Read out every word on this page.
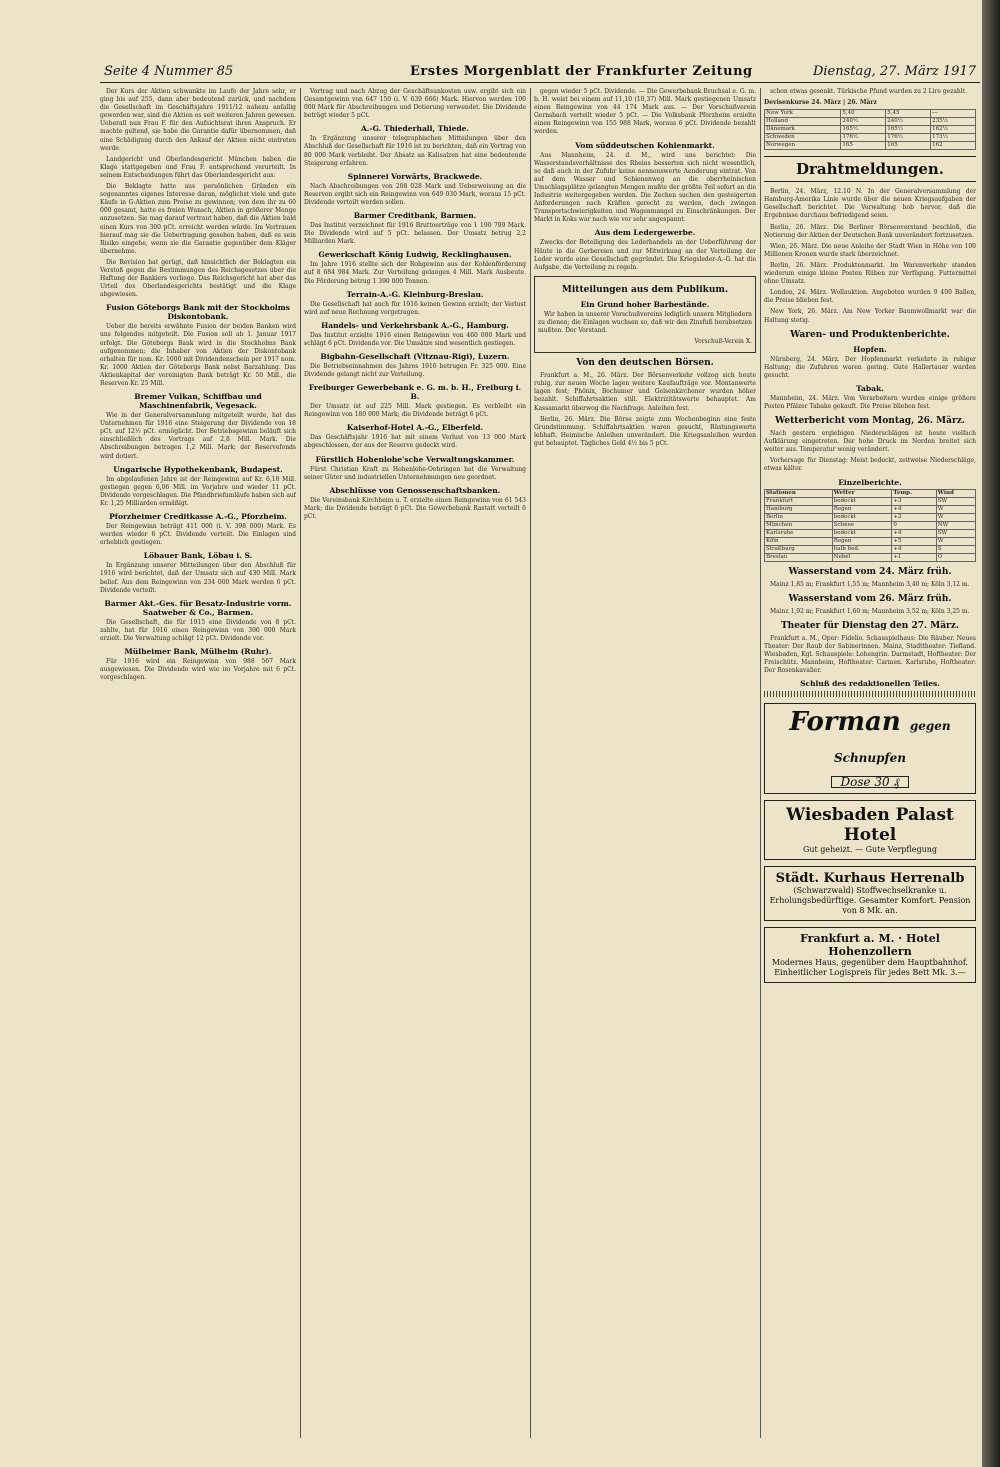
Seite 4 Nummer 85	Erstes Morgenblatt der Frankfurter Zeitung	Dienstag, 27. März 1917

Der Kurs der Aktien schwankte im Laufe der Jahre sehr, er ging bis auf 255, dann aber bedeutend zurück, und nachdem die Gesellschaft im Geschäftsjahre 1911/12 nahezu anfallig geworden war, sind die Aktien es seit weiteren Jahren gewesen. Ueberall nun Frau F. für den Aufsichtsrat ihren Anspruch. Er machte geltend, sie habe die Garantie dafür übernommen, daß eine Schädigung durch den Ankauf der Aktien nicht eintreten werde.

Landgericht und Oberlandesgericht München haben die Klage stattgegeben und Frau F. entsprechend verurteilt. In seinem Entscheidungen führt das Oberlandesgericht aus:

Die Beklagte hatte aus persönlichen Gründen ein sogenanntes eigenes Interesse daran, möglichst viele und gute Käufe in G-Aktien zum Preise zu gewinnen; von dem ihr zu 60 000 gesamt, hatte es freien Wunsch, Aktien in größerer Menge anzusetzen. Sie mag darauf vertraut haben, daß die Aktien bald einen Kurs von 300 pCt. erreicht werden würde. Im Vertrauen hierauf mag sie die Uebertragung gesehen haben, daß es sein Risiko eingehe, wenn sie die Garantie gegenüber dem Kläger übernehme.

Die Revision hat gerügt, daß hinsichtlich der Beklagten ein Verstoß gegen die Bestimmungen des Reichsgesetzes über die Haftung der Bankiers vorliege. Das Reichsgericht hat aber das Urteil des Oberlandesgerichts bestätigt und die Klage abgewiesen.

Fusion Göteborgs Bank mit der Stockholms Diskontobank.

Ueber die bereits erwähnte Fusion der beiden Banken wird uns folgendes mitgeteilt. Die Fusion soll ab 1. Januar 1917 erfolgt. Die Göteborgs Bank wird in die Stockholms Bank aufgenommen; die Inhaber von Aktien der Diskontobank erhalten für nom. Kr. 1000 mit Dividendenschein per 1917 nom. Kr. 1000 Aktien der Göteborgs Bank nebst Barzahlung. Das Aktienkapital der vereinigten Bank beträgt Kr. 50 Mill., die Reserven Kr. 25 Mill.

Bremer Vulkan, Schiffbau und Maschinenfabrik, Vegesack.

Wie in der Generalversammlung mitgeteilt wurde, hat das Unternehmen für 1916 eine Steigerung der Dividende von 18 pCt. auf 12½ pCt. ermöglicht. Der Betriebsgewinn beläuft sich einschließlich des Vortrags auf 2,8 Mill. Mark. Die Abschreibungen betragen 1,2 Mill. Mark; der Reservefonds wird dotiert.

Ungarische Hypothekenbank, Budapest.

Im abgelaufenen Jahre ist der Reingewinn auf Kr. 6,18 Mill. gestiegen gegen 6,06 Mill. im Vorjahre und wieder 11 pCt. Dividende vorgeschlagen. Die Pfandbriefumläufe haben sich auf Kr. 1,25 Milliarden ermäßigt.

Pforzheimer Creditkasse A.-G., Pforzheim.

Der Reingewinn beträgt 411 000 (i. V. 398 000) Mark. Es werden wieder 6 pCt. Dividende verteilt. Die Einlagen sind erheblich gestiegen.

Löbauer Bank, Löbau i. S.

In Ergänzung unserer Mitteilungen über den Abschluß für 1916 wird berichtet, daß der Umsatz sich auf 430 Mill. Mark belief. Aus dem Reingewinn von 234 000 Mark werden 6 pCt. Dividende verteilt.

Barmer Akt.-Ges. für Besatz-Industrie vorm. Saatweber & Co., Barmen.

Die Gesellschaft, die für 1915 eine Dividende von 8 pCt. zahlte, hat für 1916 einen Reingewinn von 306 000 Mark erzielt. Die Verwaltung schlägt 12 pCt. Dividende vor.

Mülheimer Bank, Mülheim (Ruhr).

Für 1916 wird ein Reingewinn von 988 567 Mark ausgewiesen. Die Dividende wird wie im Vorjahre mit 6 pCt. vorgeschlagen.

Vortrag und nach Abzug der Geschäftsunkosten usw. ergibt sich ein Gesamtgewinn von 647 150 (i. V. 639 666) Mark. Hiervon werden 100 000 Mark für Abschreibungen und Dotierung verwendet. Die Dividende beträgt wieder 5 pCt.

A.-G. Thiederhall, Thiede.

In Ergänzung unserer telegraphischen Mitteilungen über den Abschluß der Gesellschaft für 1916 ist zu berichten, daß ein Vortrag von 80 000 Mark verbleibt. Der Absatz an Kalisalzen hat eine bedeutende Steigerung erfahren.

Spinnerei Vorwärts, Brackwede.

Nach Abschreibungen von 208 028 Mark und Ueberweisung an die Reserven ergibt sich ein Reingewinn von 649 030 Mark, woraus 15 pCt. Dividende verteilt werden sollen.

Barmer Creditbank, Barmen.

Das Institut verzeichnet für 1916 Bruttoerträge von 1 190 799 Mark. Die Dividende wird auf 5 pCt. belassen. Der Umsatz betrug 2,2 Milliarden Mark.

Gewerkschaft König Ludwig, Recklinghausen.

Im Jahre 1916 stellte sich der Rohgewinn aus der Kohlenförderung auf 8 684 984 Mark. Zur Verteilung gelangen 4 Mill. Mark Ausbeute. Die Förderung betrug 1 390 000 Tonnen.

Terrain-A.-G. Kleinburg-Breslau.

Die Gesellschaft hat auch für 1916 keinen Gewinn erzielt; der Verlust wird auf neue Rechnung vorgetragen.

Handels- und Verkehrsbank A.-G., Hamburg.

Das Institut erzielte 1916 einen Reingewinn von 460 000 Mark und schlägt 6 pCt. Dividende vor. Die Umsätze sind wesentlich gestiegen.

Bigbahn-Gesellschaft (Vitznau-Rigi), Luzern.

Die Betriebseinnahmen des Jahres 1916 betrugen Fr. 325 000. Eine Dividende gelangt nicht zur Verteilung.

Freiburger Gewerbebank e. G. m. b. H., Freiburg i. B.

Der Umsatz ist auf 225 Mill. Mark gestiegen. Es verbleibt ein Reingewinn von 180 000 Mark; die Dividende beträgt 6 pCt.

Kaiserhof-Hotel A.-G., Elberfeld.

Das Geschäftsjahr 1916 hat mit einem Verlust von 13 000 Mark abgeschlossen, der aus der Reserve gedeckt wird.

Fürstlich Hohenlohe'sche Verwaltungskammer.

Fürst Christian Kraft zu Hohenlohe-Oehringen hat die Verwaltung seiner Güter und industriellen Unternehmungen neu geordnet.

Abschlüsse von Genossenschaftsbanken.

Die Vereinsbank Kirchheim u. T. erzielte einen Reingewinn von 61 543 Mark; die Dividende beträgt 6 pCt. Die Gewerbebank Rastatt verteilt 6 pCt.

gegen wieder 5 pCt. Dividende. — Die Gewerbebank Bruchsal e. G. m. b. H. weist bei einem auf 11,10 (10,37) Mill. Mark gestiegenen Umsatz einen Reingewinn von 44 174 Mark aus. — Der Vorschußverein Gernsbach verteilt wieder 5 pCt. — Die Volksbank Pforzheim erzielte einen Reingewinn von 155 988 Mark, woraus 6 pCt. Dividende bezahlt werden.

Vom süddeutschen Kohlenmarkt.

Aus Mannheim, 24. d. M., wird uns berichtet: Die Wasserstandsverhältnisse des Rheins besserten sich nicht wesentlich, so daß auch in der Zufuhr keine nennenswerte Aenderung eintrat. Von auf dem Wasser und Schienenweg an die oberrheinischen Umschlagsplätze gelangten Mengen mußte der größte Teil sofort an die Industrie weitergegeben werden. Die Zechen suchen den gesteigerten Anforderungen nach Kräften gerecht zu werden, doch zwingen Transportschwierigkeiten und Wagenmangel zu Einschränkungen. Der Markt in Koks war nach wie vor sehr angespannt.

Aus dem Ledergewerbe.

Zwecks der Beteiligung des Lederhandels an der Ueberführung der Häute in die Gerbereien und zur Mitwirkung an der Verteilung der Leder wurde eine Gesellschaft gegründet. Die Kriegsleder-A.-G. hat die Aufgabe, die Verteilung zu regeln.

Mitteilungen aus dem Publikum.
Ein Grund hoher Barbestände.

Wir haben in unserer Vorschußvereins lediglich unsern Mitgliedern zu dienen; die Einlagen wuchsen so, daß wir den Zinsfuß herabsetzen mußten. Der Vorstand.

Vorschuß-Verein X.

Von den deutschen Börsen.

Frankfurt a. M., 26. März. Der Börsenverkehr vollzog sich heute ruhig, zur neuen Woche lagen weitere Kaufaufträge vor. Montanwerte lagen fest; Phönix, Bochumer und Gelsenkirchener wurden höher bezahlt. Schiffahrtsaktien still. Elektrizitätswerte behauptet. Am Kassamarkt überwog die Nachfrage. Anleihen fest.

Berlin, 26. März. Die Börse zeigte zum Wochenbeginn eine feste Grundstimmung. Schiffahrtsaktien waren gesucht, Rüstungswerte lebhaft. Heimische Anleihen unverändert. Die Kriegsanleihen wurden gut behauptet. Tägliches Geld 4½ bis 5 pCt.

schon etwas gesenkt. Türkische Pfund wurden zu 2 Lire gezahlt.

Devisenkurse 24. März | 26. März
New York	5,40	5,45	—
Holland	240½	240½	235½
Dänemark	165½	165½	162½
Schweden	176½	176½	173½
Norwegen	165	165	162
Drahtmeldungen.

Berlin, 24. März, 12.10 N. In der Generalversammlung der Hamburg-Amerika Linie wurde über die neuen Kriegsaufgaben der Gesellschaft berichtet. Die Verwaltung hob hervor, daß die Ergebnisse durchaus befriedigend seien.

Berlin, 26. März. Die Berliner Börsenvorstand beschloß, die Notierung der Aktien der Deutschen Bank unverändert fortzusetzen.

Wien, 26. März. Die neue Anleihe der Stadt Wien in Höhe von 100 Millionen Kronen wurde stark überzeichnet.

Berlin, 26. März. Produktenmarkt. Im Warenverkehr standen wiederum einige kleine Posten Rüben zur Verfügung. Futtermittel ohne Umsatz.

London, 24. März. Wollauktion. Angeboten wurden 9 400 Ballen, die Preise blieben fest.

New York, 26. März. Am New Yorker Baumwollmarkt war die Haltung stetig.

Waren- und Produktenberichte.
Hopfen.

Nürnberg, 24. März. Der Hopfenmarkt verkehrte in ruhiger Haltung; die Zufuhren waren gering. Gute Hallertauer wurden gesucht.

Tabak.

Mannheim, 24. März. Von Verarbeitern wurden einige größere Posten Pfälzer Tabake gekauft. Die Preise blieben fest.

Wetterbericht vom Montag, 26. März.

Nach gestern ergiebigen Niederschlägen ist heute vielfach Aufklärung eingetreten. Der hohe Druck im Norden breitet sich weiter aus. Temperatur wenig verändert.

Vorhersage für Dienstag: Meist bedeckt, zeitweise Niederschläge, etwas kälter.

Einzelberichte.
Stationen	Wetter	Temp.	Wind
Frankfurt	bedeckt	+3	SW
Hamburg	Regen	+4	W
Berlin	bedeckt	+2	W
München	Schnee	0	NW
Karlsruhe	bedeckt	+4	SW
Köln	Regen	+5	W
Straßburg	halb bed.	+4	S
Breslau	Nebel	+1	O
Wasserstand vom 24. März früh.

Mainz 1,85 m; Frankfurt 1,55 m; Mannheim 3,40 m; Köln 3,12 m.

Wasserstand vom 26. März früh.

Mainz 1,92 m; Frankfurt 1,60 m; Mannheim 3,52 m; Köln 3,25 m.

Theater für Dienstag den 27. März.

Frankfurt a. M., Oper: Fidelio. Schauspielhaus: Die Räuber. Neues Theater: Der Raub der Sabinerinnen. Mainz, Stadttheater: Tiefland. Wiesbaden, Kgl. Schauspiele: Lohengrin. Darmstadt, Hoftheater: Der Freischütz. Mannheim, Hoftheater: Carmen. Karlsruhe, Hoftheater: Der Rosenkavalier.

Schluß des redaktionellen Teiles.
Forman gegen Schnupfen
Dose 30 ₰
Wiesbaden Palast Hotel
Gut geheizt. — Gute Verpflegung
Städt. Kurhaus Herrenalb
(Schwarzwald) Stoffwechselkranke u. Erholungsbedürftige. Gesamter Komfort. Pension von 8 Mk. an.
Frankfurt a. M. · Hotel Hohenzollern
Modernes Haus, gegenüber dem Hauptbahnhof. Einheitlicher Logispreis für jedes Bett Mk. 3.—
